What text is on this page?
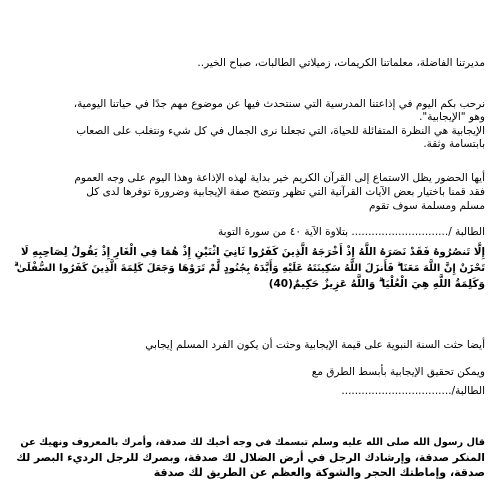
مديرتنا الفاضلة، معلماتنا الكريمات، زميلاتي الطالبات، صباح الخير..
نرحب بكم اليوم في إذاعتنا المدرسية التي سنتحدث فيها عن موضوع مهم جدًا في حياتنا اليومية،
وهو "الإيجابية".
الإيجابية هي النظرة المتفائلة للحياة، التي تجعلنا نرى الجمال في كل شيء ونتغلب على الصعاب
بابتسامة وثقة.
أيها الحضور يظل الاستماع إلى القرآن الكريم خير بداية لهذه الإذاعة وهذا اليوم على وجه العموم
فقد قمنا باختيار بعض الآيات القرآنية التي تظهر وتتضح صفة الإيجابية وضرورة توفرها لدى كل
مسلم ومسلمة سوف تقوم
الطالبة /............................. بتلاوة الآية ٤٠ من سورة التوبة
إِلَّا تَنصُرُوهُ فَقَدْ نَصَرَهُ اللَّهُ إِذْ أَخْرَجَهُ الَّذِينَ كَفَرُوا ثَانِيَ اثْنَيْنِ إِذْ هُمَا فِي الْغَارِ إِذْ يَقُولُ لِصَاحِبِهِ لَا
تَحْزَنْ إِنَّ اللَّهَ مَعَنَا ۖ فَأَنزَلَ اللَّهُ سَكِينَتَهُ عَلَيْهِ وَأَيَّدَهُ بِجُنُودٍ لَّمْ تَرَوْهَا وَجَعَلَ كَلِمَةَ الَّذِينَ كَفَرُوا السُّفْلَىٰ ۗ
وَكَلِمَةُ اللَّهِ هِيَ الْعُلْيَا ۗ وَاللَّهُ عَزِيزٌ حَكِيمٌ(40)
أيضا حثت السنة النبوية على قيمة الإيجابية وحثت أن يكون الفرد المسلم إيجابي
ويمكن تحقيق الإيجابية بأبسط الطرق مع
الطالبة/.................................
قال رسول الله صلى الله عليه وسلم تبسمك في وجه أخيك لك صدقة، وأمرك بالمعروف ونهيك عن
المنكر صدقة، وإرشادك الرجل في أرض الضلال لك صدقة، وبصرك للرجل الرديء البصر لك
صدقة، وإماطتك الحجر والشوكة والعظم عن الطريق لك صدقة
